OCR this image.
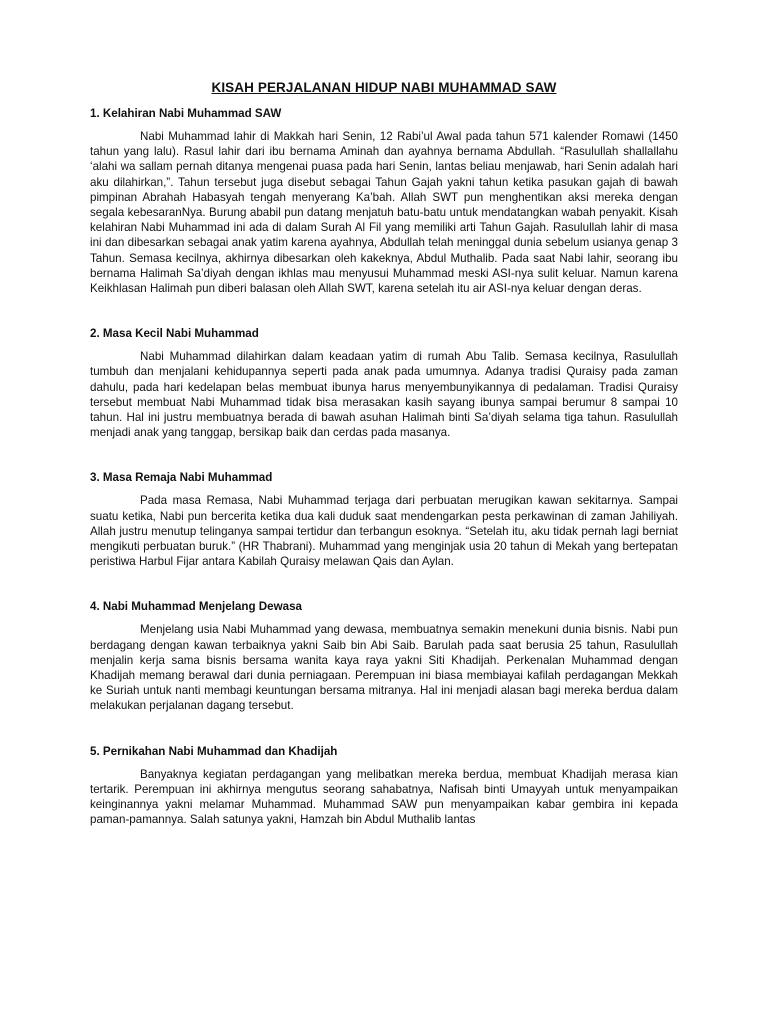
KISAH PERJALANAN HIDUP NABI MUHAMMAD SAW
1. Kelahiran Nabi Muhammad SAW

Nabi Muhammad lahir di Makkah hari Senin, 12 Rabi’ul Awal pada tahun 571 kalender Romawi (1450 tahun yang lalu). Rasul lahir dari ibu bernama Aminah dan ayahnya bernama Abdullah. “Rasulullah shallallahu ‘alahi wa sallam pernah ditanya mengenai puasa pada hari Senin, lantas beliau menjawab, hari Senin adalah hari aku dilahirkan,”. Tahun tersebut juga disebut sebagai Tahun Gajah yakni tahun ketika pasukan gajah di bawah pimpinan Abrahah Habasyah tengah menyerang Ka’bah. Allah SWT pun menghentikan aksi mereka dengan segala kebesaranNya. Burung ababil pun datang menjatuh batu-batu untuk mendatangkan wabah penyakit. Kisah kelahiran Nabi Muhammad ini ada di dalam Surah Al Fil yang memiliki arti Tahun Gajah. Rasulullah lahir di masa ini dan dibesarkan sebagai anak yatim karena ayahnya, Abdullah telah meninggal dunia sebelum usianya genap 3 Tahun. Semasa kecilnya, akhirnya dibesarkan oleh kakeknya, Abdul Muthalib. Pada saat Nabi lahir, seorang ibu bernama Halimah Sa’diyah dengan ikhlas mau menyusui Muhammad meski ASI-nya sulit keluar. Namun karena Keikhlasan Halimah pun diberi balasan oleh Allah SWT, karena setelah itu air ASI-nya keluar dengan deras.

2. Masa Kecil Nabi Muhammad

Nabi Muhammad dilahirkan dalam keadaan yatim di rumah Abu Talib. Semasa kecilnya, Rasulullah tumbuh dan menjalani kehidupannya seperti pada anak pada umumnya. Adanya tradisi Quraisy pada zaman dahulu, pada hari kedelapan belas membuat ibunya harus menyembunyikannya di pedalaman. Tradisi Quraisy tersebut membuat Nabi Muhammad tidak bisa merasakan kasih sayang ibunya sampai berumur 8 sampai 10 tahun. Hal ini justru membuatnya berada di bawah asuhan Halimah binti Sa’diyah selama tiga tahun. Rasulullah menjadi anak yang tanggap, bersikap baik dan cerdas pada masanya.

3. Masa Remaja Nabi Muhammad

Pada masa Remasa, Nabi Muhammad terjaga dari perbuatan merugikan kawan sekitarnya. Sampai suatu ketika, Nabi pun bercerita ketika dua kali duduk saat mendengarkan pesta perkawinan di zaman Jahiliyah. Allah justru menutup telinganya sampai tertidur dan terbangun esoknya. “Setelah itu, aku tidak pernah lagi berniat mengikuti perbuatan buruk.” (HR Thabrani). Muhammad yang menginjak usia 20 tahun di Mekah yang bertepatan peristiwa Harbul Fijar antara Kabilah Quraisy melawan Qais dan Aylan.

4. Nabi Muhammad Menjelang Dewasa

Menjelang usia Nabi Muhammad yang dewasa, membuatnya semakin menekuni dunia bisnis. Nabi pun berdagang dengan kawan terbaiknya yakni Saib bin Abi Saib. Barulah pada saat berusia 25 tahun, Rasulullah menjalin kerja sama bisnis bersama wanita kaya raya yakni Siti Khadijah. Perkenalan Muhammad dengan Khadijah memang berawal dari dunia perniagaan. Perempuan ini biasa membiayai kafilah perdagangan Mekkah ke Suriah untuk nanti membagi keuntungan bersama mitranya. Hal ini menjadi alasan bagi mereka berdua dalam melakukan perjalanan dagang tersebut.

5. Pernikahan Nabi Muhammad dan Khadijah

Banyaknya kegiatan perdagangan yang melibatkan mereka berdua, membuat Khadijah merasa kian tertarik. Perempuan ini akhirnya mengutus seorang sahabatnya, Nafisah binti Umayyah untuk menyampaikan keinginannya yakni melamar Muhammad. Muhammad SAW pun menyampaikan kabar gembira ini kepada paman-pamannya. Salah satunya yakni, Hamzah bin Abdul Muthalib lantas
